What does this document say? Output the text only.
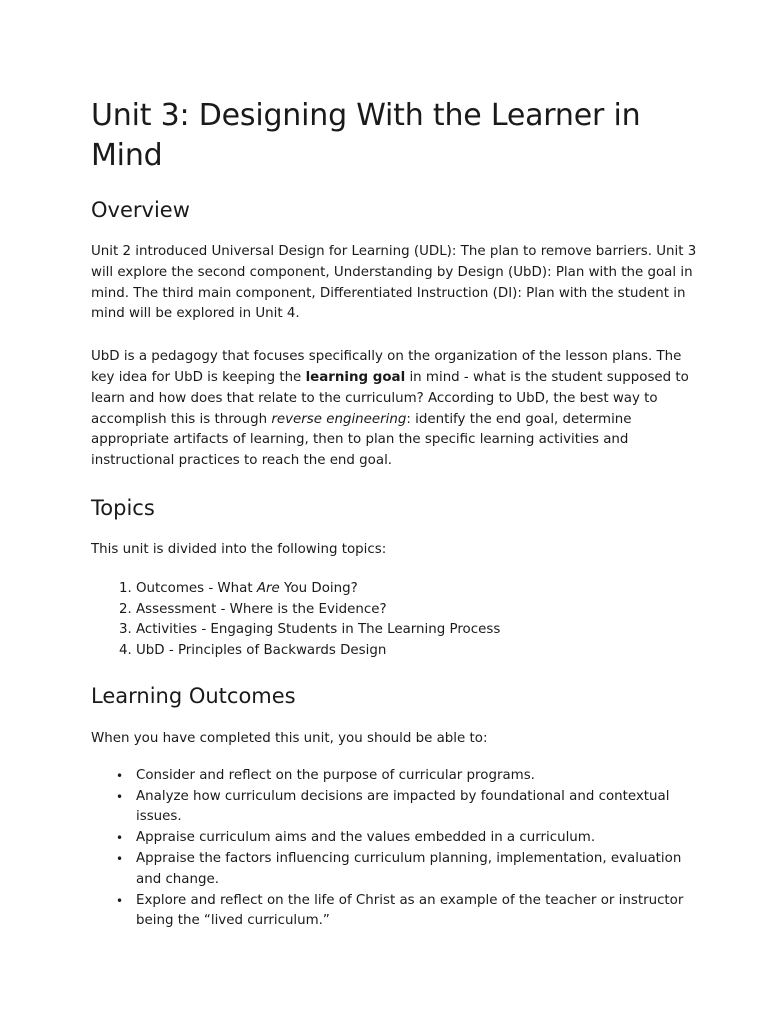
Unit 3: Designing With the Learner in Mind
Overview

Unit 2 introduced Universal Design for Learning (UDL): The plan to remove barriers. Unit 3 will explore the second component, Understanding by Design (UbD): Plan with the goal in mind. The third main component, Differentiated Instruction (DI): Plan with the student in mind will be explored in Unit 4.

UbD is a pedagogy that focuses specifically on the organization of the lesson plans. The key idea for UbD is keeping the learning goal in mind - what is the student supposed to learn and how does that relate to the curriculum? According to UbD, the best way to accomplish this is through reverse engineering: identify the end goal, determine appropriate artifacts of learning, then to plan the specific learning activities and instructional practices to reach the end goal.

Topics

This unit is divided into the following topics:

1. Outcomes - What Are You Doing?
2. Assessment - Where is the Evidence?
3. Activities - Engaging Students in The Learning Process
4. UbD - Principles of Backwards Design
Learning Outcomes

When you have completed this unit, you should be able to:

• Consider and reflect on the purpose of curricular programs.
• Analyze how curriculum decisions are impacted by foundational and contextual issues.
• Appraise curriculum aims and the values embedded in a curriculum.
• Appraise the factors influencing curriculum planning, implementation, evaluation and change.
• Explore and reflect on the life of Christ as an example of the teacher or instructor being the “lived curriculum.”
